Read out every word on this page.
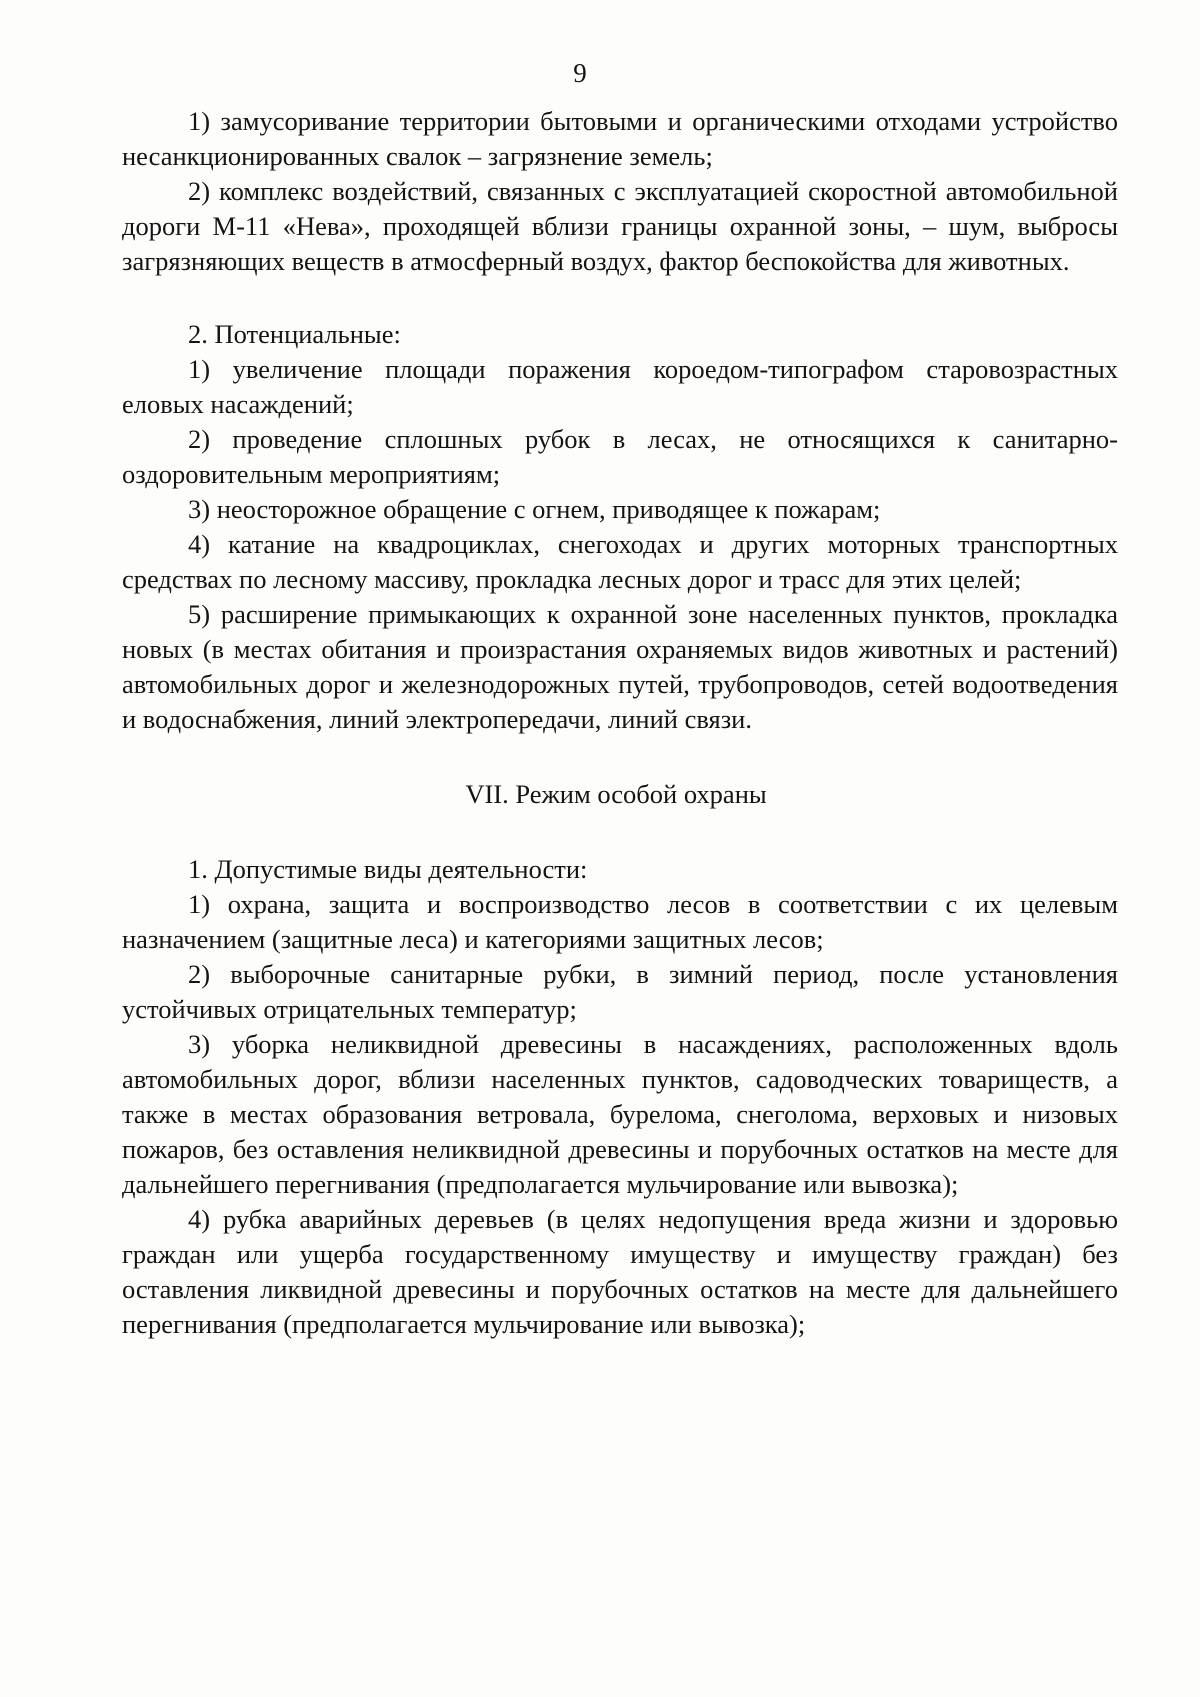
9

1) замусоривание территории бытовыми и органическими отходами устройство несанкционированных свалок – загрязнение земель;

2) комплекс воздействий, связанных с эксплуатацией скоростной автомобильной дороги М-11 «Нева», проходящей вблизи границы охранной зоны, – шум, выбросы загрязняющих веществ в атмосферный воздух, фактор беспокойства для животных.

2. Потенциальные:

1) увеличение площади поражения короедом-типографом старовозрастных еловых насаждений;

2) проведение сплошных рубок в лесах, не относящихся к санитарно-оздоровительным мероприятиям;

3) неосторожное обращение с огнем, приводящее к пожарам;

4) катание на квадроциклах, снегоходах и других моторных транспортных средствах по лесному массиву, прокладка лесных дорог и трасс для этих целей;

5) расширение примыкающих к охранной зоне населенных пунктов, прокладка новых (в местах обитания и произрастания охраняемых видов животных и растений) автомобильных дорог и железнодорожных путей, трубопроводов, сетей водоотведения и водоснабжения, линий электропередачи, линий связи.

VII. Режим особой охраны

1. Допустимые виды деятельности:

1) охрана, защита и воспроизводство лесов в соответствии с их целевым назначением (защитные леса) и категориями защитных лесов;

2) выборочные санитарные рубки, в зимний период, после установления устойчивых отрицательных температур;

3) уборка неликвидной древесины в насаждениях, расположенных вдоль автомобильных дорог, вблизи населенных пунктов, садоводческих товариществ, а также в местах образования ветровала, бурелома, снеголома, верховых и низовых пожаров, без оставления неликвидной древесины и порубочных остатков на месте для дальнейшего перегнивания (предполагается мульчирование или вывозка);

4) рубка аварийных деревьев (в целях недопущения вреда жизни и здоровью граждан или ущерба государственному имуществу и имуществу граждан) без оставления ликвидной древесины и порубочных остатков на месте для дальнейшего перегнивания (предполагается мульчирование или вывозка);
